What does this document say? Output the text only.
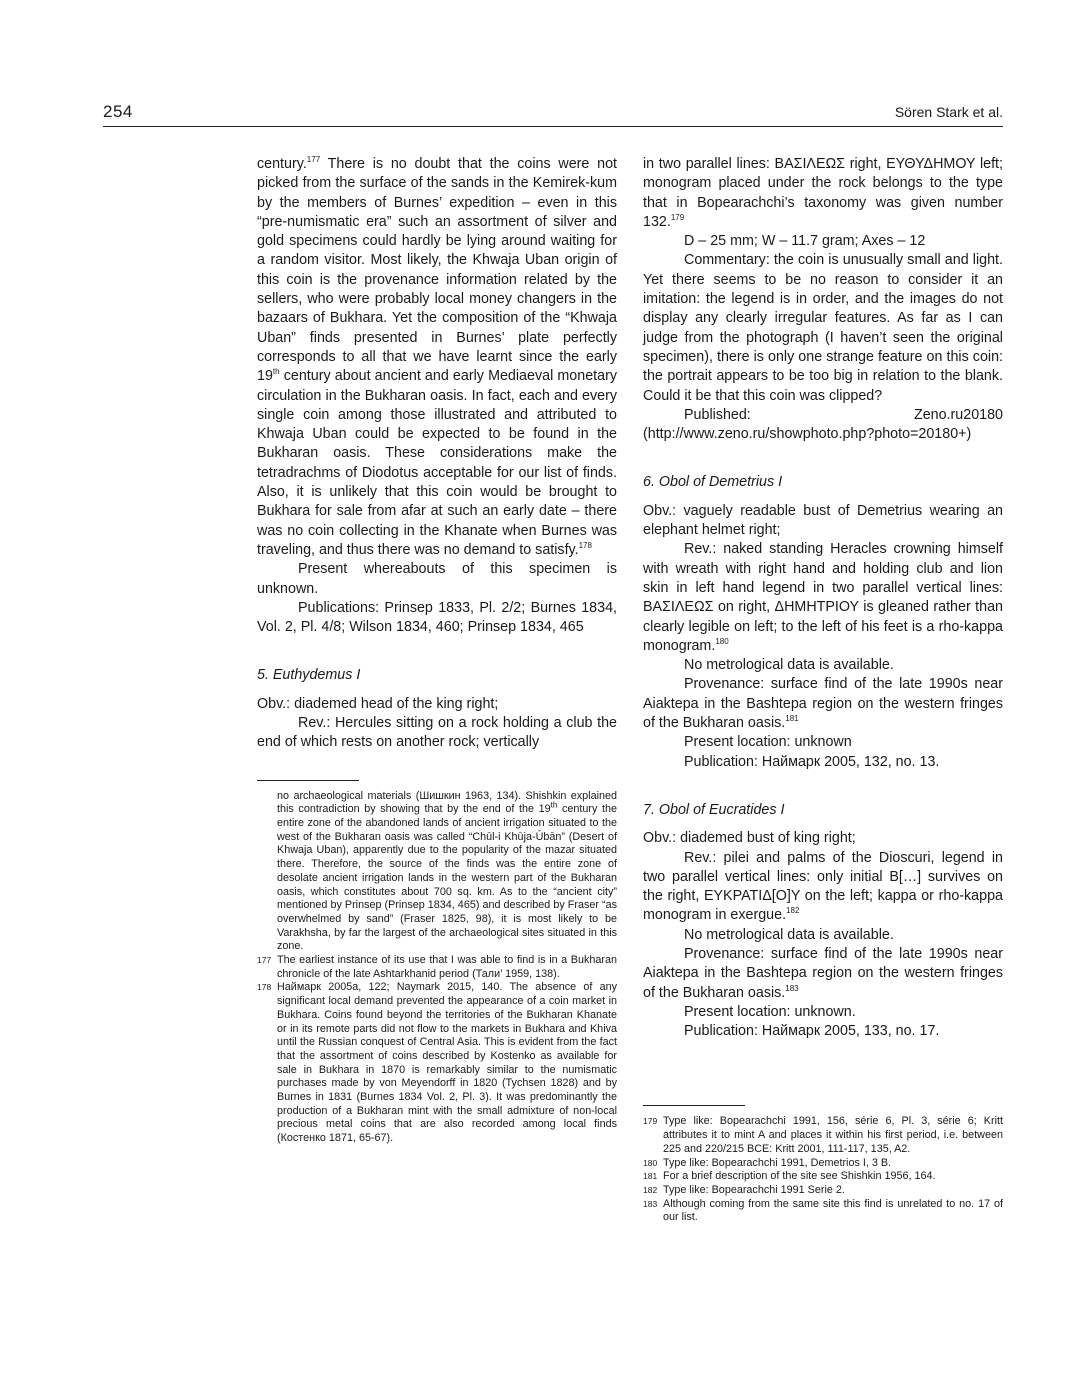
254	Sören Stark et al.

century.$^{177}$ There is no doubt that the coins were not picked from the surface of the sands in the Kemirek-kum by the members of Burnes’ expedition – even in this “pre-numismatic era” such an assortment of silver and gold specimens could hardly be lying around waiting for a random visitor. Most likely, the Khwaja Uban origin of this coin is the provenance information related by the sellers, who were probably local money changers in the bazaars of Bukhara. Yet the composition of the “Khwaja Uban” finds presented in Burnes’ plate perfectly corresponds to all that we have learnt since the early 19th century about ancient and early Mediaeval monetary circulation in the Bukharan oasis. In fact, each and every single coin among those illustrated and attributed to Khwaja Uban could be expected to be found in the Bukharan oasis. These considerations make the tetradrachms of Diodotus acceptable for our list of finds. Also, it is unlikely that this coin would be brought to Bukhara for sale from afar at such an early date – there was no coin collecting in the Khanate when Burnes was traveling, and thus there was no demand to satisfy.$^{178}$

Present whereabouts of this specimen is unknown.

Publications: Prinsep 1833, Pl. 2/2; Burnes 1834, Vol. 2, Pl. 4/8; Wilson 1834, 460; Prinsep 1834, 465

5. Euthydemus I

Obv.: diademed head of the king right;

Rev.: Hercules sitting on a rock holding a club the end of which rests on another rock; vertically

no archaeological materials (Шишкин 1963, 134). Shishkin explained this contradiction by showing that by the end of the 19th century the entire zone of the abandoned lands of ancient irrigation situated to the west of the Bukharan oasis was called “Chūl-i Khūja-Ūbān” (Desert of Khwaja Uban), apparently due to the popularity of the mazar situated there. Therefore, the source of the finds was the entire zone of desolate ancient irrigation lands in the western part of the Bukharan oasis, which constitutes about 700 sq. km. As to the “ancient city” mentioned by Prinsep (Prinsep 1834, 465) and described by Fraser “as overwhelmed by sand” (Fraser 1825, 98), it is most likely to be Varakhsha, by far the largest of the archaeological sites situated in this zone.
177 The earliest instance of its use that I was able to find is in a Bukharan chronicle of the late Ashtarkhanid period (Тали’ 1959, 138).
178 Наймарк 2005a, 122; Naymark 2015, 140. The absence of any significant local demand prevented the appearance of a coin market in Bukhara. Coins found beyond the territories of the Bukharan Khanate or in its remote parts did not flow to the markets in Bukhara and Khiva until the Russian conquest of Central Asia. This is evident from the fact that the assortment of coins described by Kostenko as available for sale in Bukhara in 1870 is remarkably similar to the numismatic purchases made by von Meyendorff in 1820 (Tychsen 1828) and by Burnes in 1831 (Burnes 1834 Vol. 2, Pl. 3). It was predominantly the production of a Bukharan mint with the small admixture of non-local precious metal coins that are also recorded among local finds (Костенко 1871, 65-67).

in two parallel lines: ΒΑΣΙΛΕΩΣ right, ΕΥΘΥΔΗΜΟΥ left; monogram placed under the rock belongs to the type that in Bopearachchi’s taxonomy was given number 132.$^{179}$

D – 25 mm; W – 11.7 gram; Axes – 12

Commentary: the coin is unusually small and light. Yet there seems to be no reason to consider it an imitation: the legend is in order, and the images do not display any clearly irregular features. As far as I can judge from the photograph (I haven’t seen the original specimen), there is only one strange feature on this coin: the portrait appears to be too big in relation to the blank. Could it be that this coin was clipped?

Published: Zeno.ru20180 (http://www.zeno.ru/showphoto.php?photo=20180+)

6. Obol of Demetrius I

Obv.: vaguely readable bust of Demetrius wearing an elephant helmet right;

Rev.: naked standing Heracles crowning himself with wreath with right hand and holding club and lion skin in left hand legend in two parallel vertical lines: ΒΑΣΙΛΕΩΣ on right, ΔΗΜΗΤΡΙΟΥ is gleaned rather than clearly legible on left; to the left of his feet is a rho-kappa monogram.$^{180}$

No metrological data is available.

Provenance: surface find of the late 1990s near Aiaktepa in the Bashtepa region on the western fringes of the Bukharan oasis.$^{181}$

Present location: unknown

Publication: Наймарк 2005, 132, no. 13.

7. Obol of Eucratides I

Obv.: diademed bust of king right;

Rev.: pilei and palms of the Dioscuri, legend in two parallel vertical lines: only initial B[…] survives on the right, ΕΥΚΡΑΤΙΔ[Ο]Υ on the left; kappa or rho-kappa monogram in exergue.$^{182}$

No metrological data is available.

Provenance: surface find of the late 1990s near Aiaktepa in the Bashtepa region on the western fringes of the Bukharan oasis.$^{183}$

Present location: unknown.

Publication: Наймарк 2005, 133, no. 17.

179 Type like: Bopearachchi 1991, 156, série 6, Pl. 3, série 6; Kritt attributes it to mint A and places it within his first period, i.e. between 225 and 220/215 BCE: Kritt 2001, 111-117, 135, A2.
180 Type like: Bopearachchi 1991, Demetrios I, 3 B.
181 For a brief description of the site see Shishkin 1956, 164.
182 Type like: Bopearachchi 1991 Serie 2.
183 Although coming from the same site this find is unrelated to no. 17 of our list.
